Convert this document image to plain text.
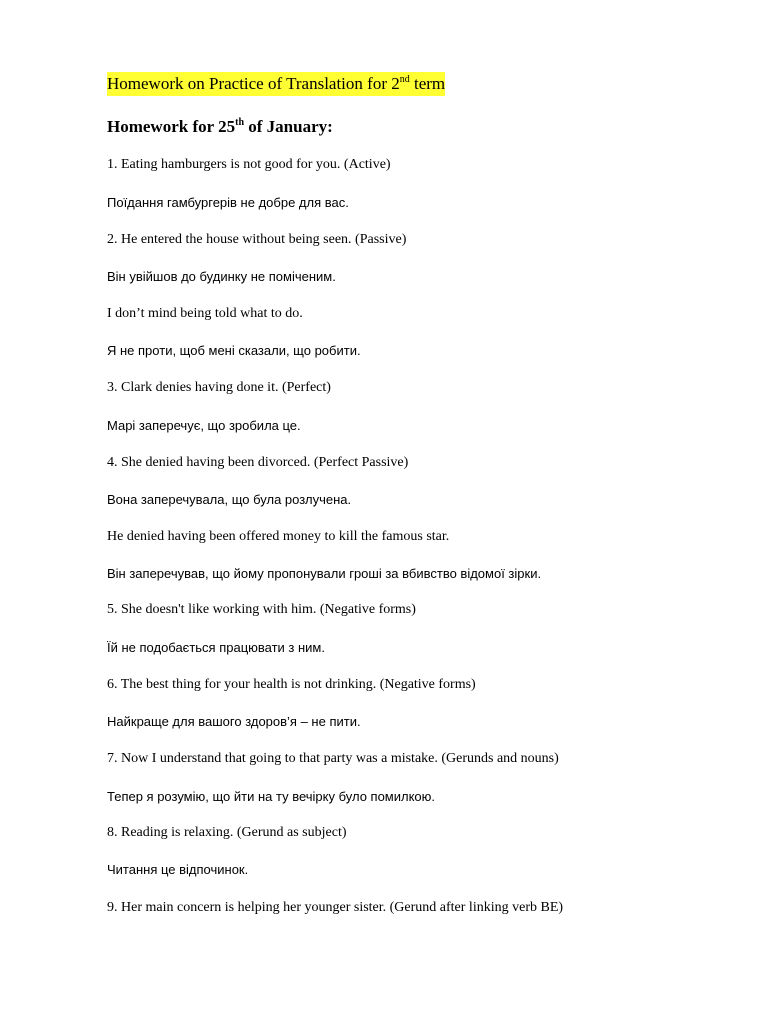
Homework on Practice of Translation for 2nd term
Homework for 25th of January:
1. Eating hamburgers is not good for you. (Active)
Поїдання гамбургерів не добре для вас.
2. He entered the house without being seen. (Passive)
Він увійшов до будинку не поміченим.
I don’t mind being told what to do.
Я не проти, щоб мені сказали, що робити.
3. Clark denies having done it. (Perfect)
Марі заперечує, що зробила це.
4. She denied having been divorced. (Perfect Passive)
Вона заперечувала, що була розлучена.
He denied having been offered money to kill the famous star.
Він заперечував, що йому пропонували гроші за вбивство відомої зірки.
5. She doesn't like working with him. (Negative forms)
Їй не подобається працювати з ним.
6. The best thing for your health is not drinking. (Negative forms)
Найкраще для вашого здоров’я – не пити.
7. Now I understand that going to that party was a mistake. (Gerunds and nouns)
Тепер я розумію, що йти на ту вечірку було помилкою.
8. Reading is relaxing. (Gerund as subject)
Читання це відпочинок.
9. Her main concern is helping her younger sister. (Gerund after linking verb BE)
